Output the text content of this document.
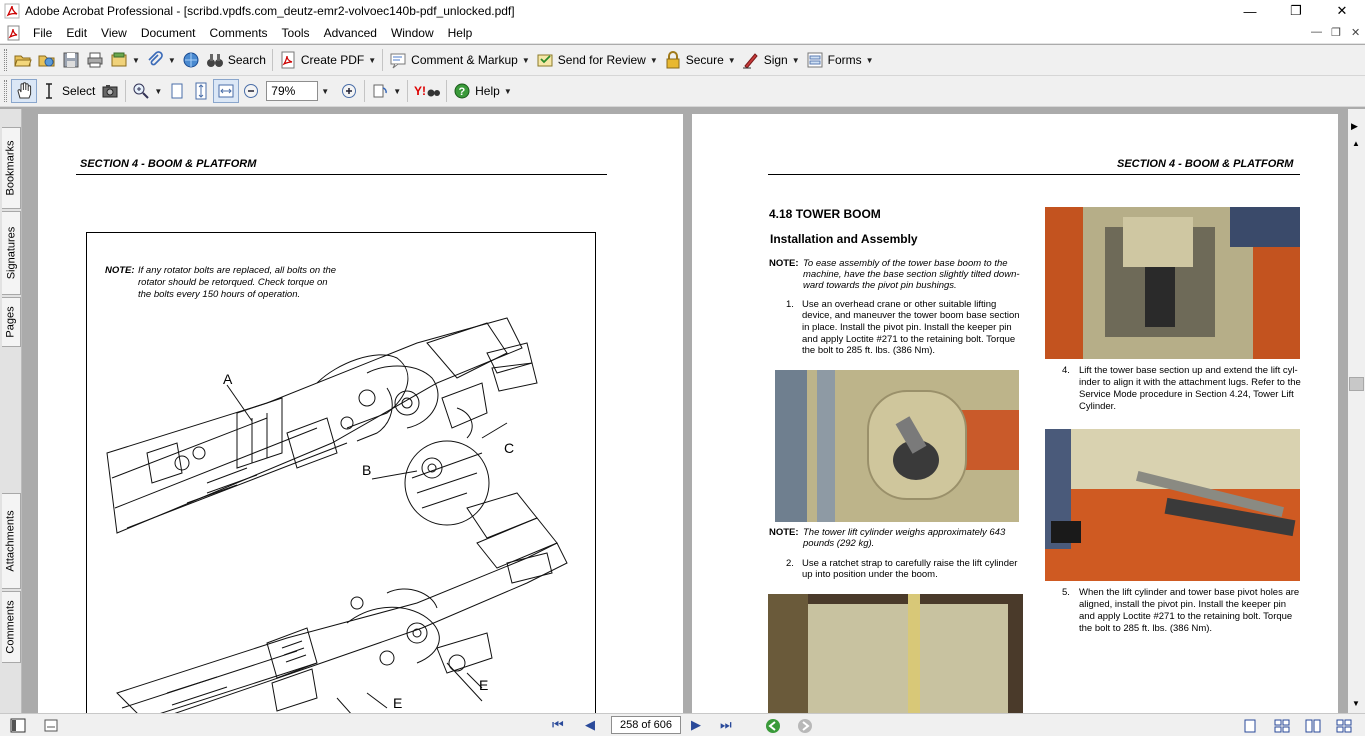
Adobe Acrobat Professional - [scribd.vpdfs.com_deutz-emr2-volvoec140b-pdf_unlocked.pdf]	—	❐	✕
File	Edit	View	Document	Comments	Tools	Advanced	Window	Help	— ❐ ✕
▼	▼	Search	Create PDF ▼	Comment & Markup ▼ Send for Review ▼ Secure ▼ Sign ▼ Forms ▼
Select	▼	79%	▼	▼ Y!	? Help ▼
Bookmarks
Signatures
Pages
Attachments
Comments
SECTION 4 - BOOM & PLATFORM
NOTE: If any rotator bolts are replaced, all bolts on the
rotator should be retorqued. Check torque on
the bolts every 150 hours of operation.
A
B
C
E
E
SECTION 4 - BOOM & PLATFORM
4.18 TOWER BOOM
Installation and Assembly
NOTE: To ease assembly of the tower base boom to the
machine, have the base section slightly tilted down-
ward towards the pivot pin bushings.
1. Use an overhead crane or other suitable lifting
device, and maneuver the tower boom base section
in place. Install the pivot pin. Install the keeper pin
and apply Loctite #271 to the retaining bolt. Torque
the bolt to 285 ft. lbs. (386 Nm).
NOTE: The tower lift cylinder weighs approximately 643
pounds (292 kg).
2. Use a ratchet strap to carefully raise the lift cylinder
up into position under the boom.
4. Lift the tower base section up and extend the lift cyl-
inder to align it with the attachment lugs. Refer to the
Service Mode procedure in Section 4.24, Tower Lift
Cylinder.
5. When the lift cylinder and tower base pivot holes are
aligned, install the pivot pin. Install the keeper pin
and apply Loctite #271 to the retaining bolt. Torque
the bolt to 285 ft. lbs. (386 Nm).
▶
▲
▼
⏮ ◀	258 of 606	▶ ⏭
